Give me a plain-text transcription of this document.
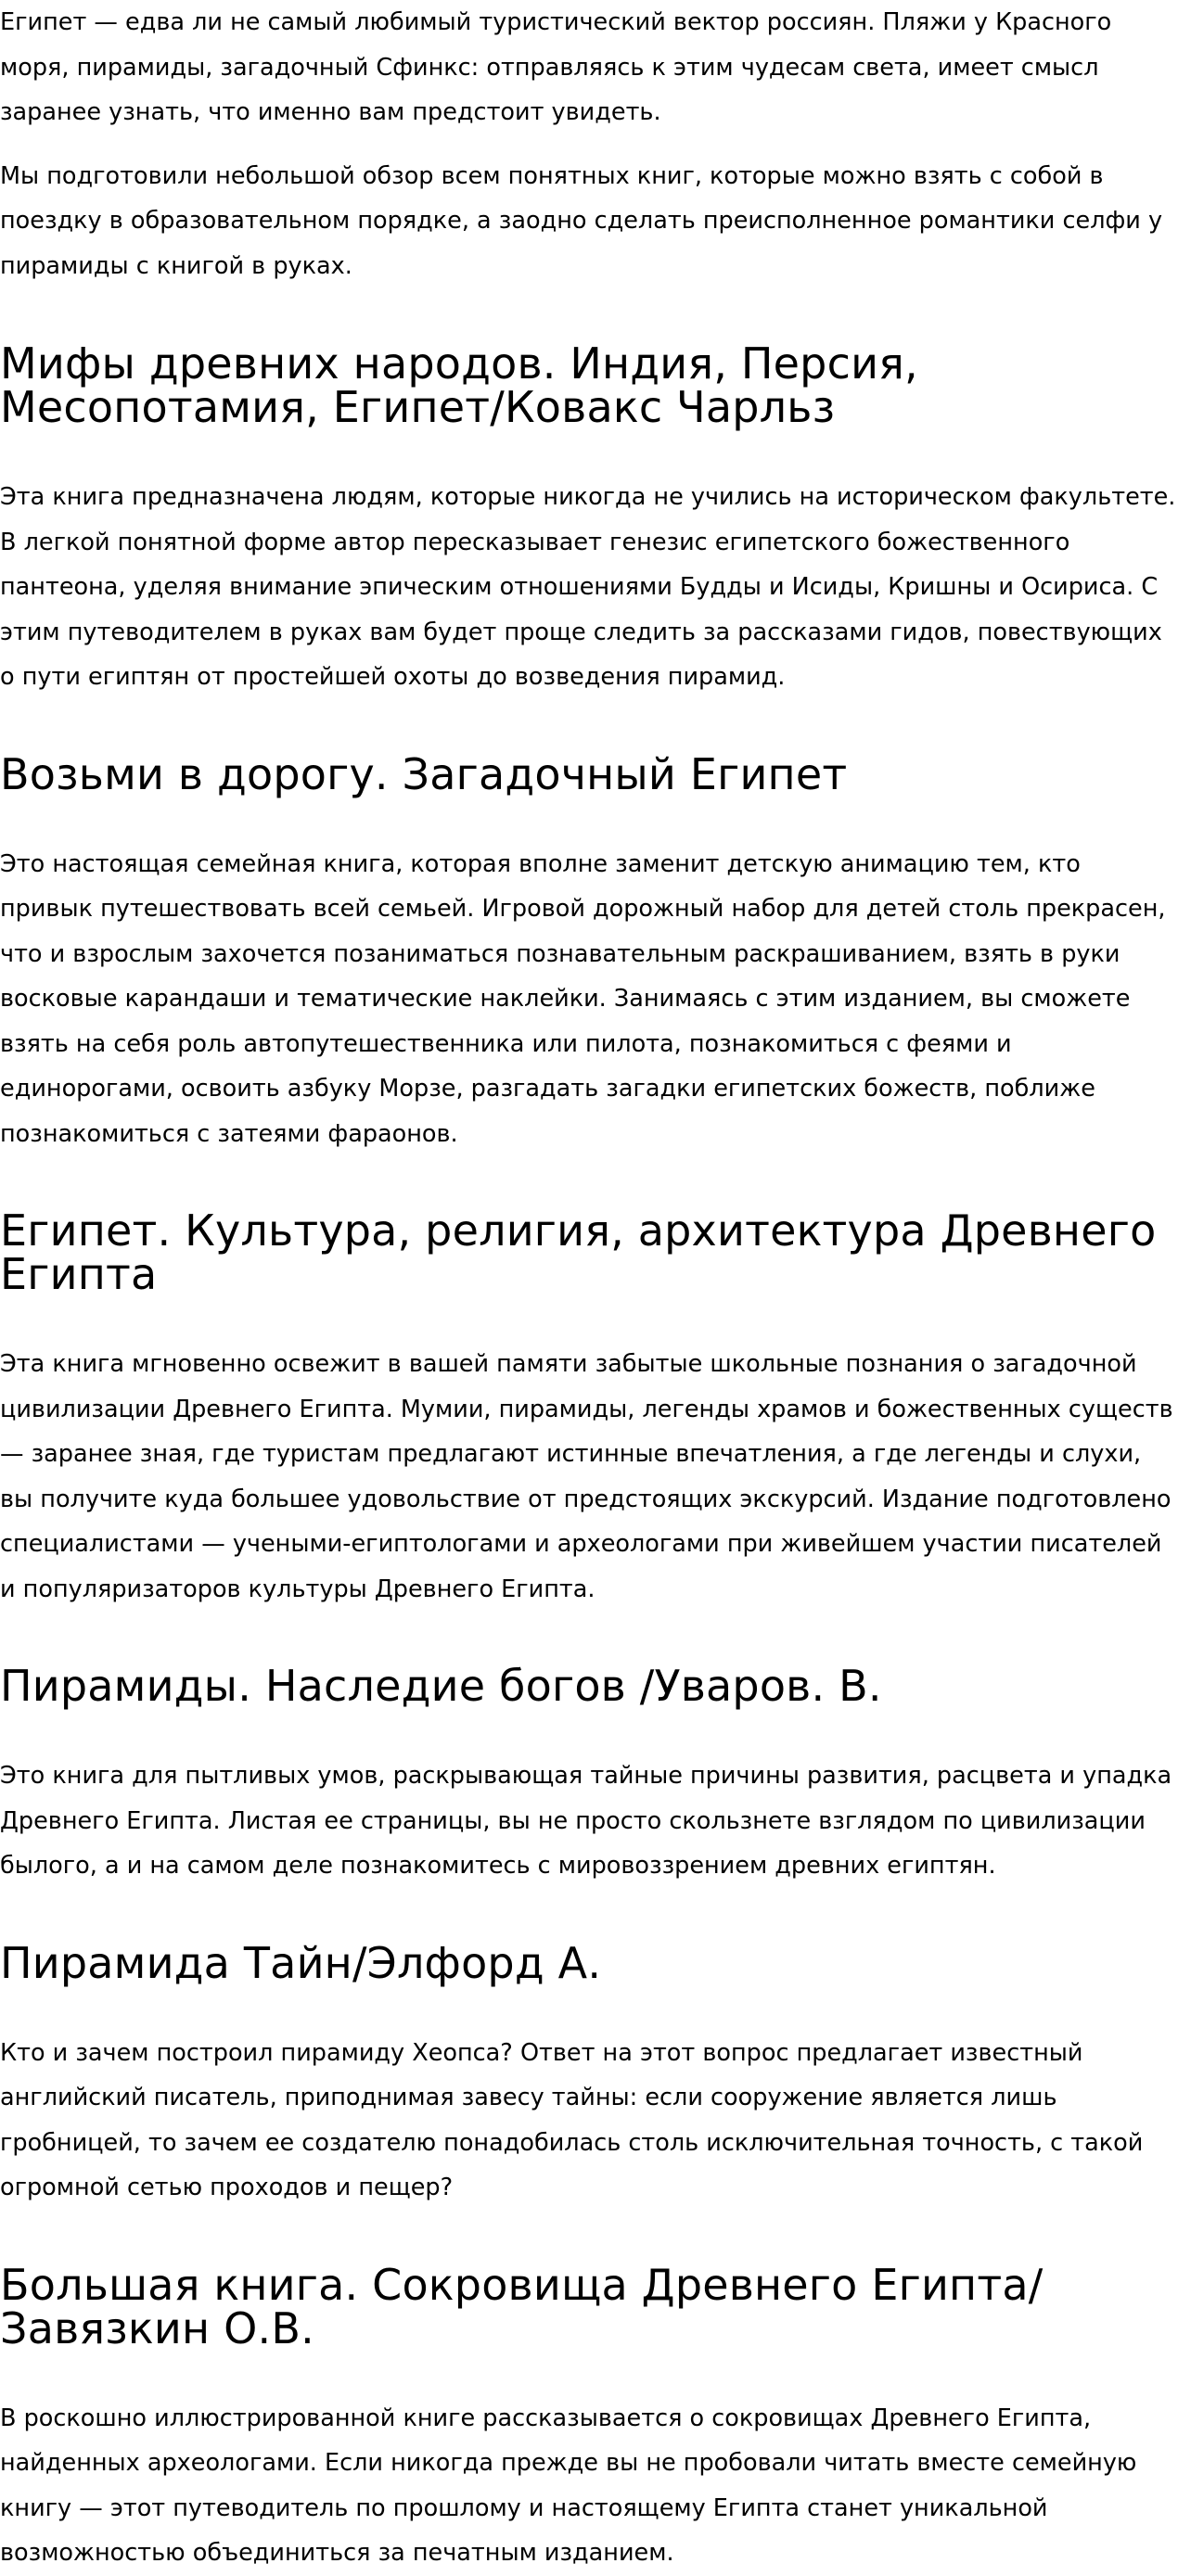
Египет — едва ли не самый любимый туристический вектор россиян. Пляжи у Красного моря, пирамиды, загадочный Сфинкс: отправляясь к этим чудесам света, имеет смысл заранее узнать, что именно вам предстоит увидеть.

Мы подготовили небольшой обзор всем понятных книг, которые можно взять с собой в поездку в образовательном порядке, а заодно сделать преисполненное романтики селфи у пирамиды с книгой в руках.

Мифы древних народов. Индия, Персия, Месопотамия, Египет/Ковакс Чарльз

Эта книга предназначена людям, которые никогда не учились на историческом факультете. В легкой понятной форме автор пересказывает генезис египетского божественного пантеона, уделяя внимание эпическим отношениями Будды и Исиды, Кришны и Осириса. С этим путеводителем в руках вам будет проще следить за рассказами гидов, повествующих о пути египтян от простейшей охоты до возведения пирамид.

Возьми в дорогу. Загадочный Египет

Это настоящая семейная книга, которая вполне заменит детскую анимацию тем, кто привык путешествовать всей семьей. Игровой дорожный набор для детей столь прекрасен, что и взрослым захочется позаниматься познавательным раскрашиванием, взять в руки восковые карандаши и тематические наклейки. Занимаясь с этим изданием, вы сможете взять на себя роль автопутешественника или пилота, познакомиться с феями и единорогами, освоить азбуку Морзе, разгадать загадки египетских божеств, поближе познакомиться с затеями фараонов.

Египет. Культура, религия, архитектура Древнего Египта

Эта книга мгновенно освежит в вашей памяти забытые школьные познания о загадочной цивилизации Древнего Египта. Мумии, пирамиды, легенды храмов и божественных существ — заранее зная, где туристам предлагают истинные впечатления, а где легенды и слухи, вы получите куда большее удовольствие от предстоящих экскурсий. Издание подготовлено специалистами — учеными-египтологами и археологами при живейшем участии писателей и популяризаторов культуры Древнего Египта.

Пирамиды. Наследие богов /Уваров. В.

Это книга для пытливых умов, раскрывающая тайные причины развития, расцвета и упадка Древнего Египта. Листая ее страницы, вы не просто скользнете взглядом по цивилизации былого, а и на самом деле познакомитесь с мировоззрением древних египтян.

Пирамида Тайн/Элфорд А.

Кто и зачем построил пирамиду Хеопса? Ответ на этот вопрос предлагает известный английский писатель, приподнимая завесу тайны: если сооружение является лишь гробницей, то зачем ее создателю понадобилась столь исключительная точность, с такой огромной сетью проходов и пещер?

Большая книга. Сокровища Древнего Египта/Завязкин О.В.

В роскошно иллюстрированной книге рассказывается о сокровищах Древнего Египта, найденных археологами. Если никогда прежде вы не пробовали читать вместе семейную книгу — этот путеводитель по прошлому и настоящему Египта станет уникальной возможностью объединиться за печатным изданием.
